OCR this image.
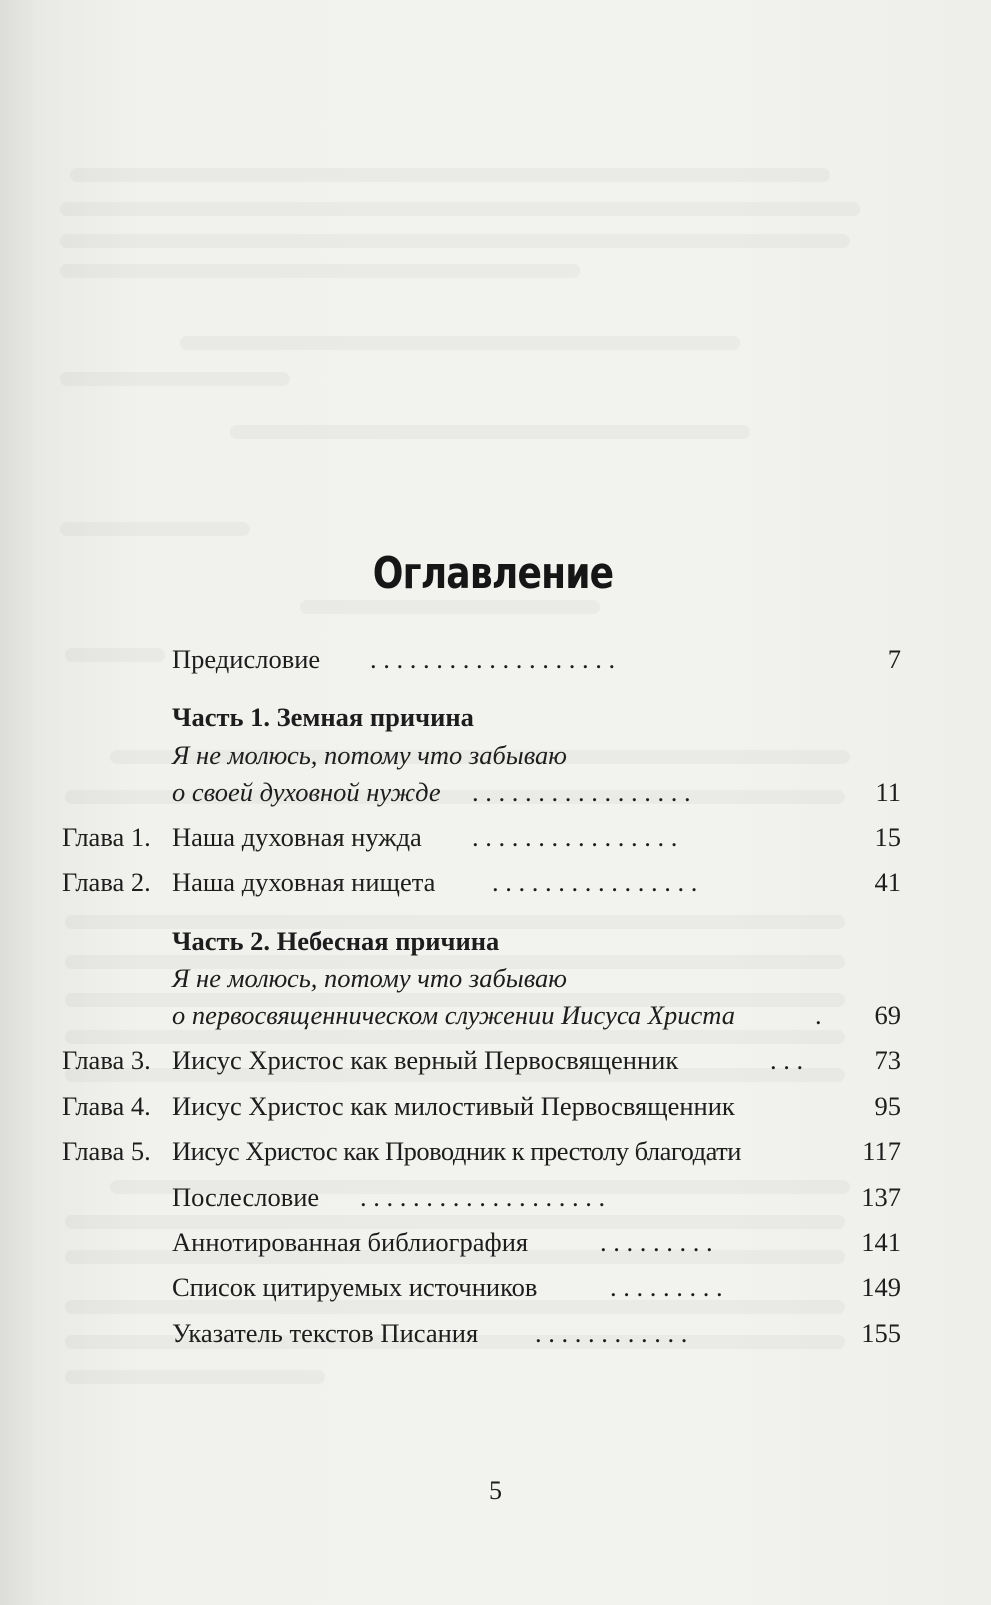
Оглавление
Предисловие . . . . . . . . . . . . . . . . . . .	7
Часть 1. Земная причина
Я не молюсь, потому что забываю
о своей духовной нужде . . . . . . . . . . . . . . . . .	11
Глава 1. Наша духовная нужда . . . . . . . . . . . . . . . .	15
Глава 2. Наша духовная нищета . . . . . . . . . . . . . . . .	41
Часть 2. Небесная причина
Я не молюсь, потому что забываю
о первосвященническом служении Иисуса Христа	. 69
Глава 3. Иисус Христос как верный Первосвященник	. . .	73
Глава 4. Иисус Христос как милостивый Первосвященник	95
Глава 5. Иисус Христос как Проводник к престолу благодати	117
Послесловие . . . . . . . . . . . . . . . . . . .	137
Аннотированная библиография	. . . . . . . . .	141
Список цитируемых источников	. . . . . . . . .	149
Указатель текстов Писания . . . . . . . . . . . .	155
5
